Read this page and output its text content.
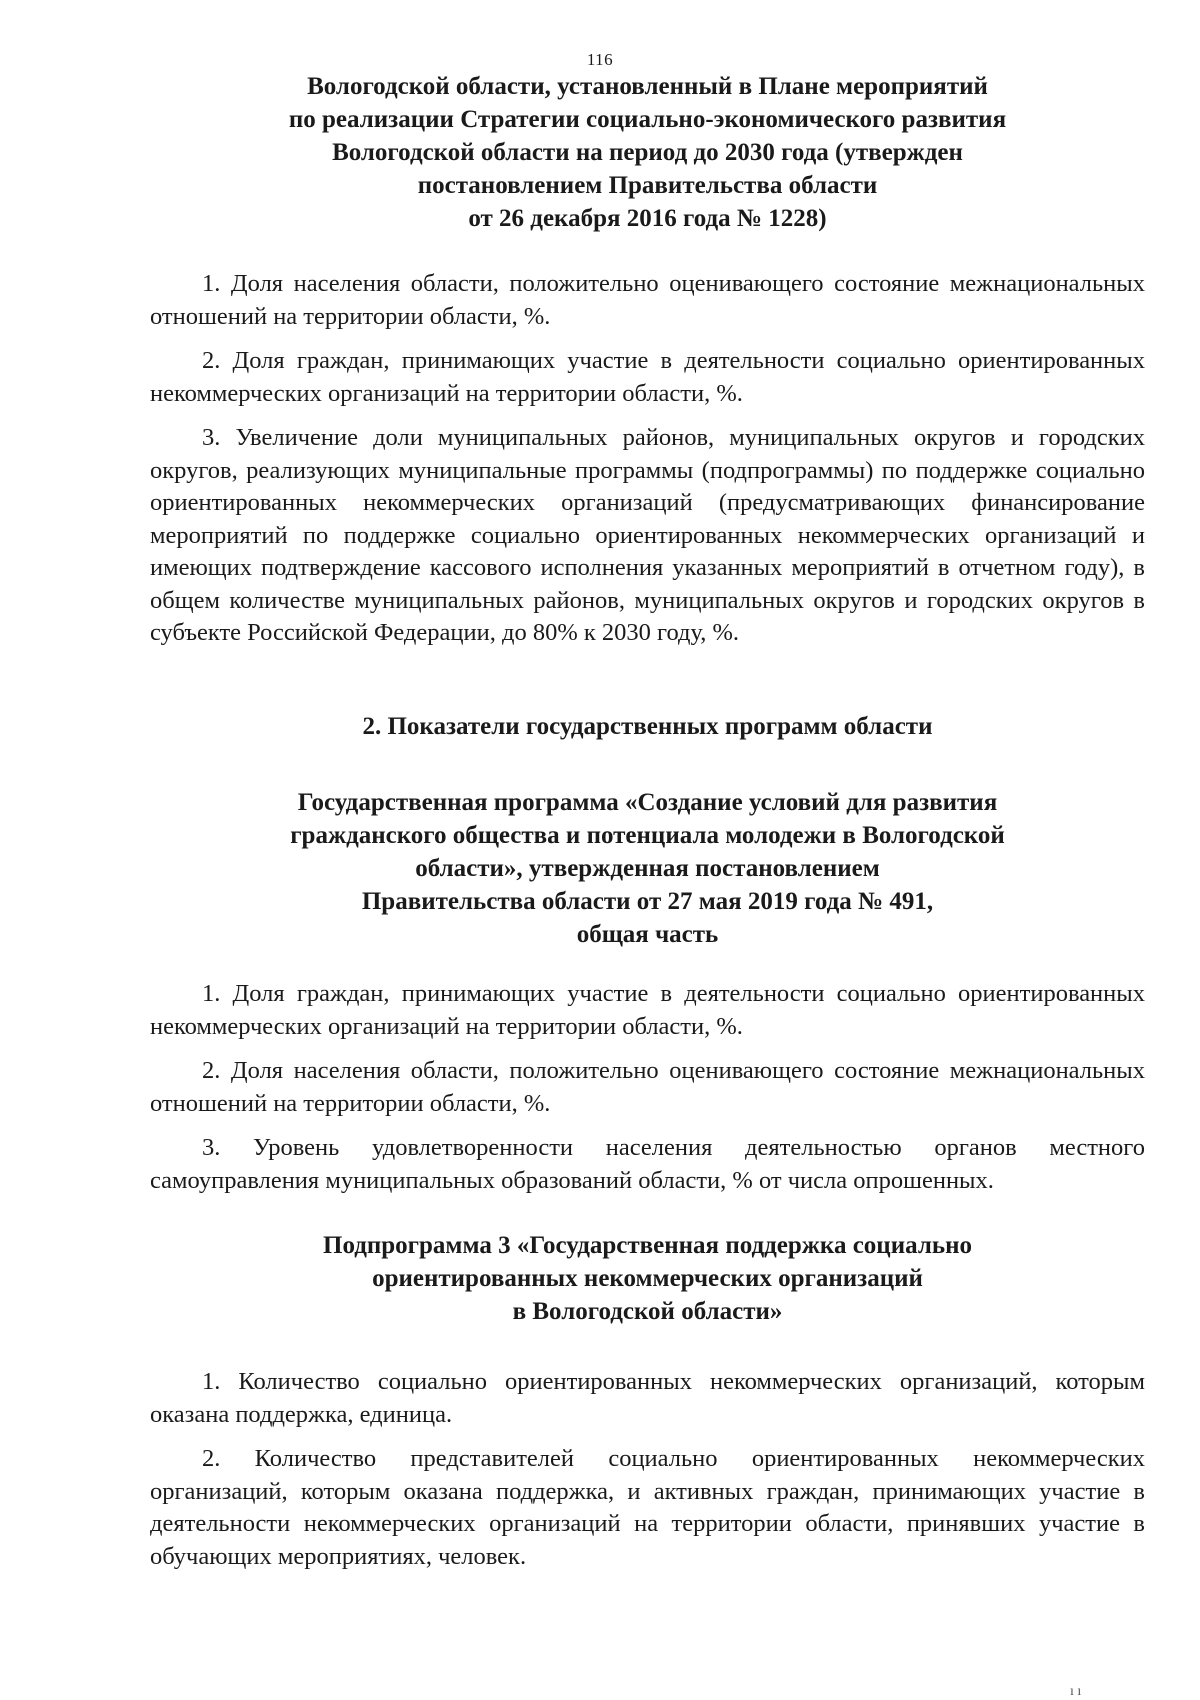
116
Вологодской области, установленный в Плане мероприятий
по реализации Стратегии социально-экономического развития
Вологодской области на период до 2030 года (утвержден
постановлением Правительства области
от 26 декабря 2016 года № 1228)

1. Доля населения области, положительно оценивающего состояние межнациональных отношений на территории области, %.

2. Доля граждан, принимающих участие в деятельности социально ориентированных некоммерческих организаций на территории области, %.

3. Увеличение доли муниципальных районов, муниципальных округов и городских округов, реализующих муниципальные программы (подпрограммы) по поддержке социально ориентированных некоммерческих организаций (предусматривающих финансирование мероприятий по поддержке социально ориентированных некоммерческих организаций и имеющих подтверждение кассового исполнения указанных мероприятий в отчетном году), в общем количестве муниципальных районов, муниципальных округов и городских округов в субъекте Российской Федерации, до 80% к 2030 году, %.

2. Показатели государственных программ области
Государственная программа «Создание условий для развития
гражданского общества и потенциала молодежи в Вологодской
области», утвержденная постановлением
Правительства области от 27 мая 2019 года № 491,
общая часть

1. Доля граждан, принимающих участие в деятельности социально ориентированных некоммерческих организаций на территории области, %.

2. Доля населения области, положительно оценивающего состояние межнациональных отношений на территории области, %.

3. Уровень удовлетворенности населения деятельностью органов местного самоуправления муниципальных образований области, % от числа опрошенных.

Подпрограмма 3 «Государственная поддержка социально
ориентированных некоммерческих организаций
в Вологодской области»

1. Количество социально ориентированных некоммерческих организаций, которым оказана поддержка, единица.

2. Количество представителей социально ориентированных некоммерческих организаций, которым оказана поддержка, и активных граждан, принимающих участие в деятельности некоммерческих организаций на территории области, принявших участие в обучающих мероприятиях, человек.

ı ı
